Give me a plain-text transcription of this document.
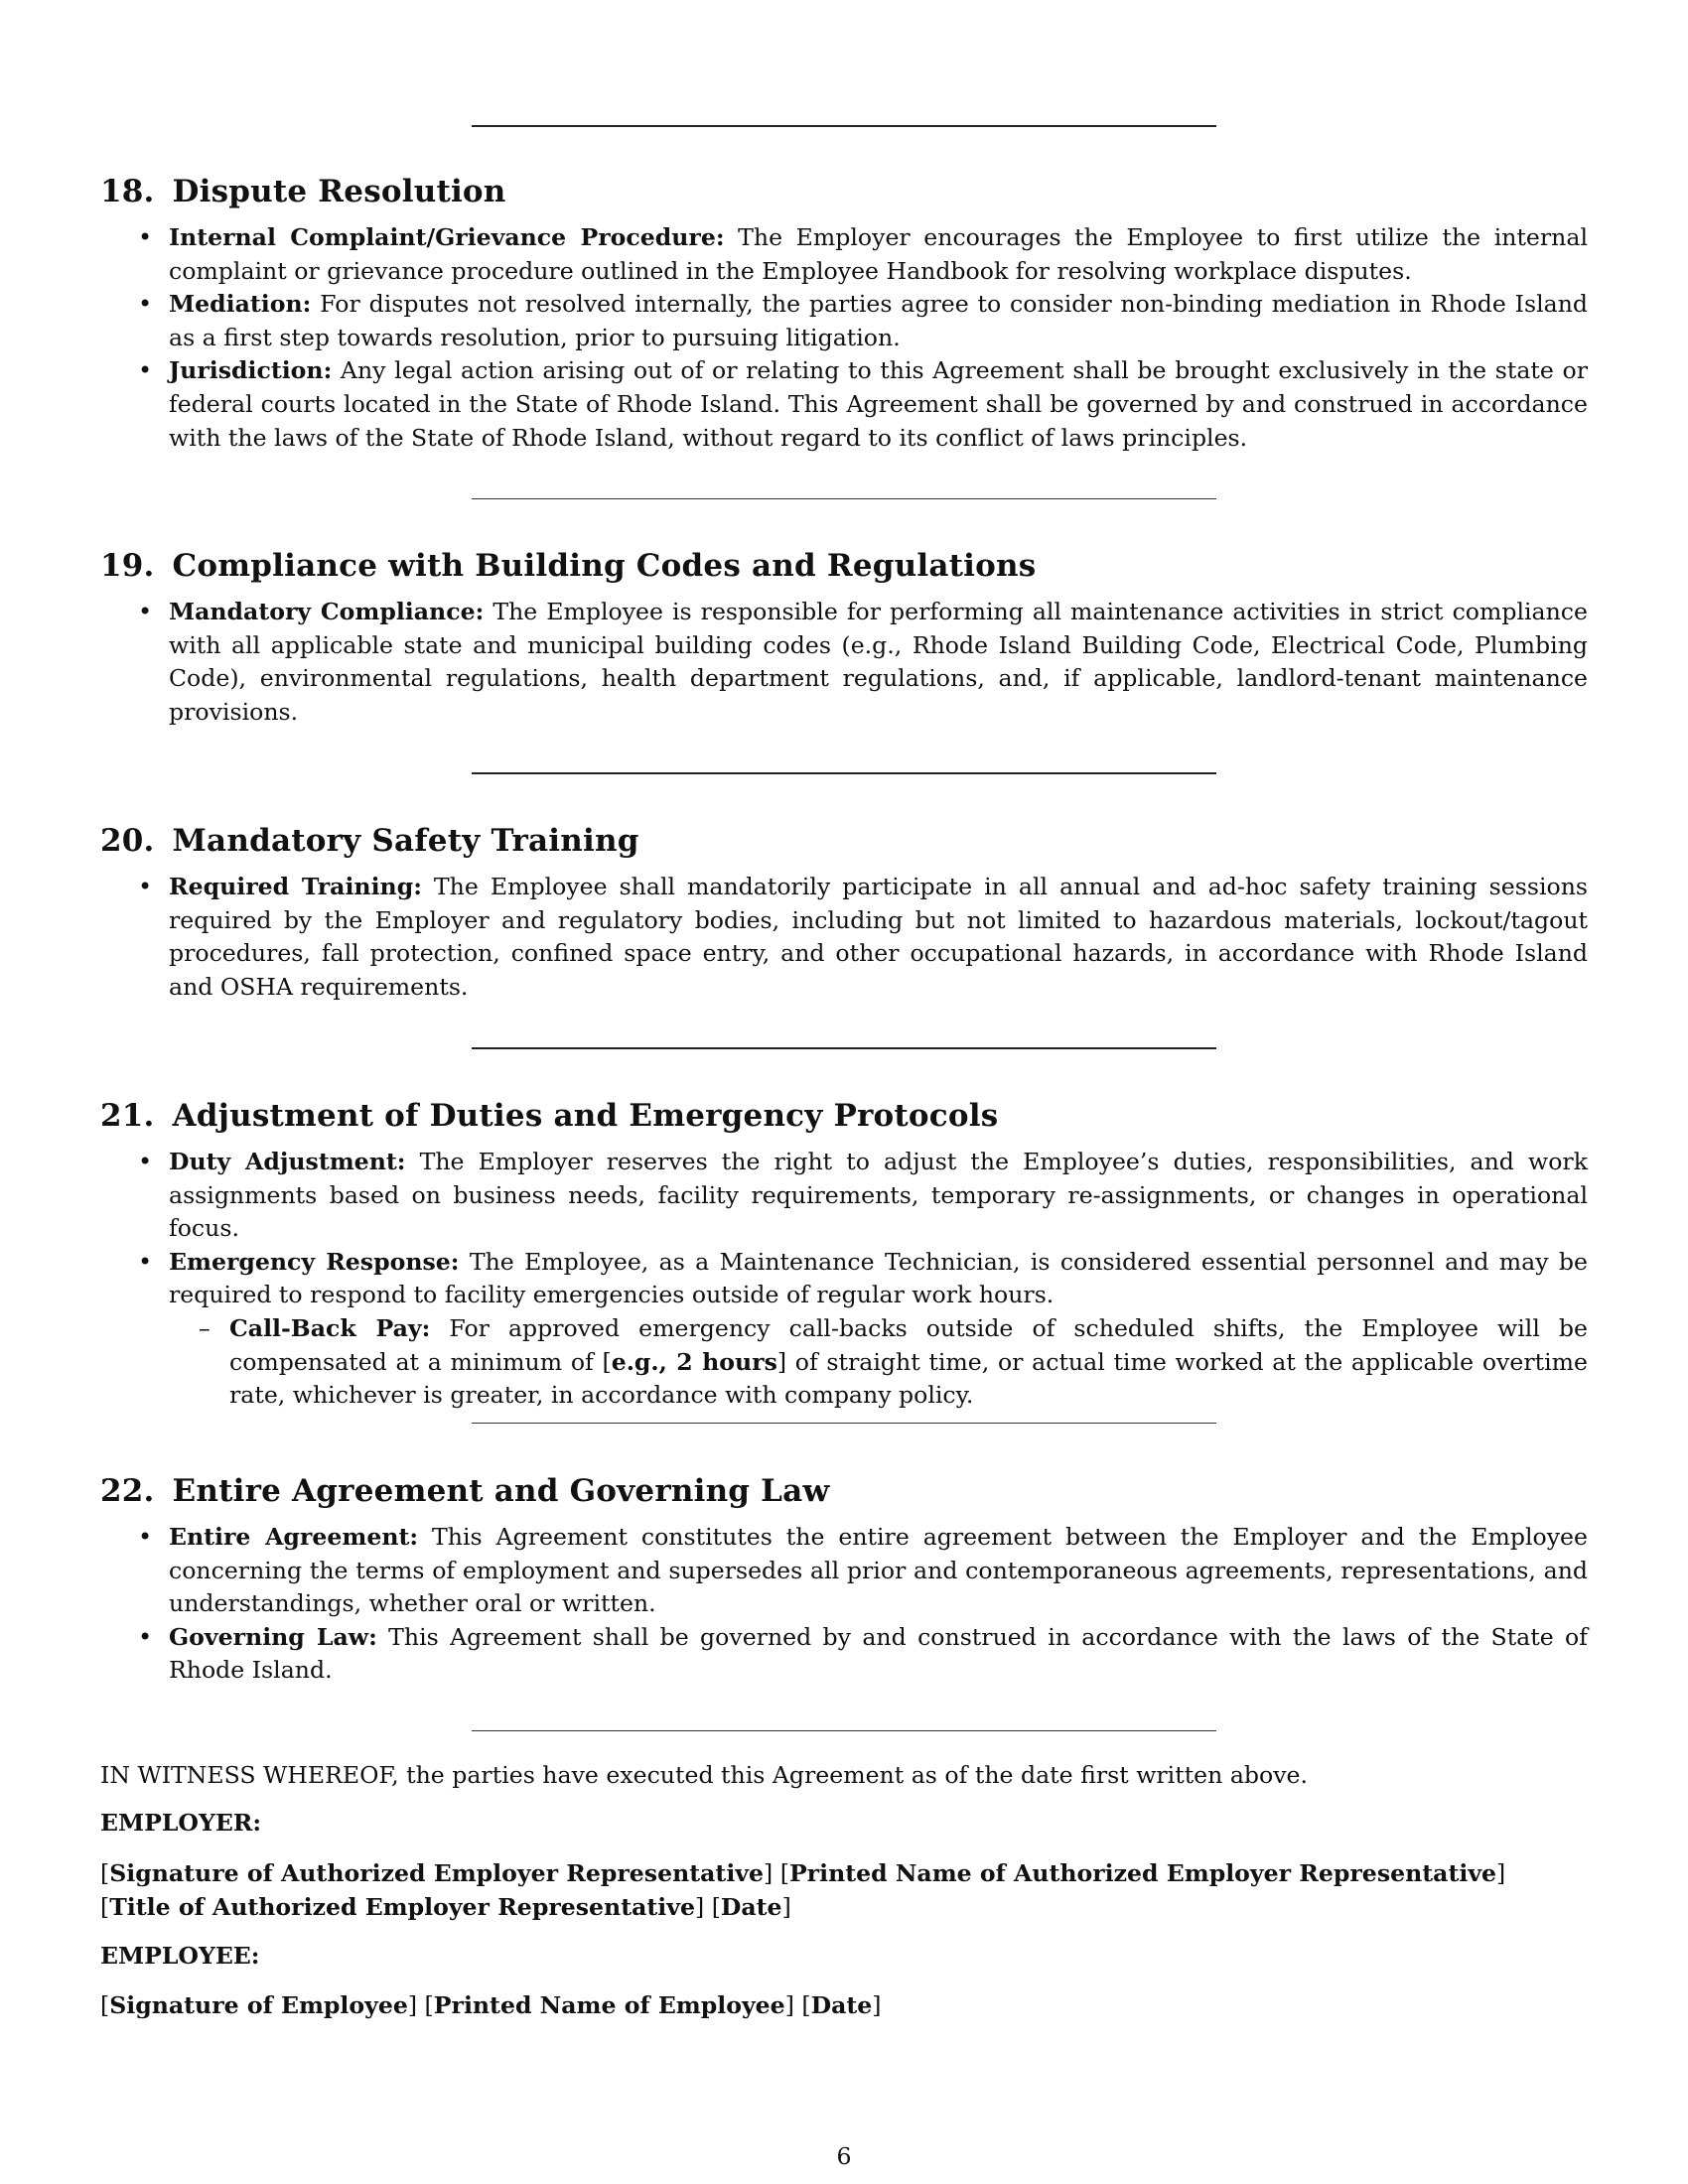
18. Dispute Resolution
• Internal Complaint/Grievance Procedure: The Employer encourages the Employee to first utilize the internal complaint or grievance procedure outlined in the Employee Handbook for resolving workplace disputes.
• Mediation: For disputes not resolved internally, the parties agree to consider non-binding mediation in Rhode Island as a first step towards resolution, prior to pursuing litigation.
• Jurisdiction: Any legal action arising out of or relating to this Agreement shall be brought exclusively in the state or federal courts located in the State of Rhode Island. This Agreement shall be governed by and construed in accordance with the laws of the State of Rhode Island, without regard to its conflict of laws principles.
19. Compliance with Building Codes and Regulations
• Mandatory Compliance: The Employee is responsible for performing all maintenance activities in strict compliance with all applicable state and municipal building codes (e.g., Rhode Island Building Code, Electrical Code, Plumbing Code), environmental regulations, health department regulations, and, if applicable, landlord-tenant maintenance provisions.
20. Mandatory Safety Training
• Required Training: The Employee shall mandatorily participate in all annual and ad-hoc safety training sessions required by the Employer and regulatory bodies, including but not limited to hazardous materials, lockout/tagout procedures, fall protection, confined space entry, and other occupational hazards, in accordance with Rhode Island and OSHA requirements.
21. Adjustment of Duties and Emergency Protocols
• Duty Adjustment: The Employer reserves the right to adjust the Employee’s duties, responsibilities, and work assignments based on business needs, facility requirements, temporary re-assignments, or changes in operational focus.
• Emergency Response: The Employee, as a Maintenance Technician, is considered essential personnel and may be required to respond to facility emergencies outside of regular work hours.
– Call-Back Pay: For approved emergency call-backs outside of scheduled shifts, the Employee will be compensated at a minimum of [e.g., 2 hours] of straight time, or actual time worked at the applicable overtime rate, whichever is greater, in accordance with company policy.
22. Entire Agreement and Governing Law
• Entire Agreement: This Agreement constitutes the entire agreement between the Employer and the Employee concerning the terms of employment and supersedes all prior and contemporaneous agreements, representations, and understandings, whether oral or written.
• Governing Law: This Agreement shall be governed by and construed in accordance with the laws of the State of Rhode Island.
IN WITNESS WHEREOF, the parties have executed this Agreement as of the date first written above.
EMPLOYER:
[Signature of Authorized Employer Representative] [Printed Name of Authorized Employer Representative]
[Title of Authorized Employer Representative] [Date]
EMPLOYEE:
[Signature of Employee] [Printed Name of Employee] [Date]
6
